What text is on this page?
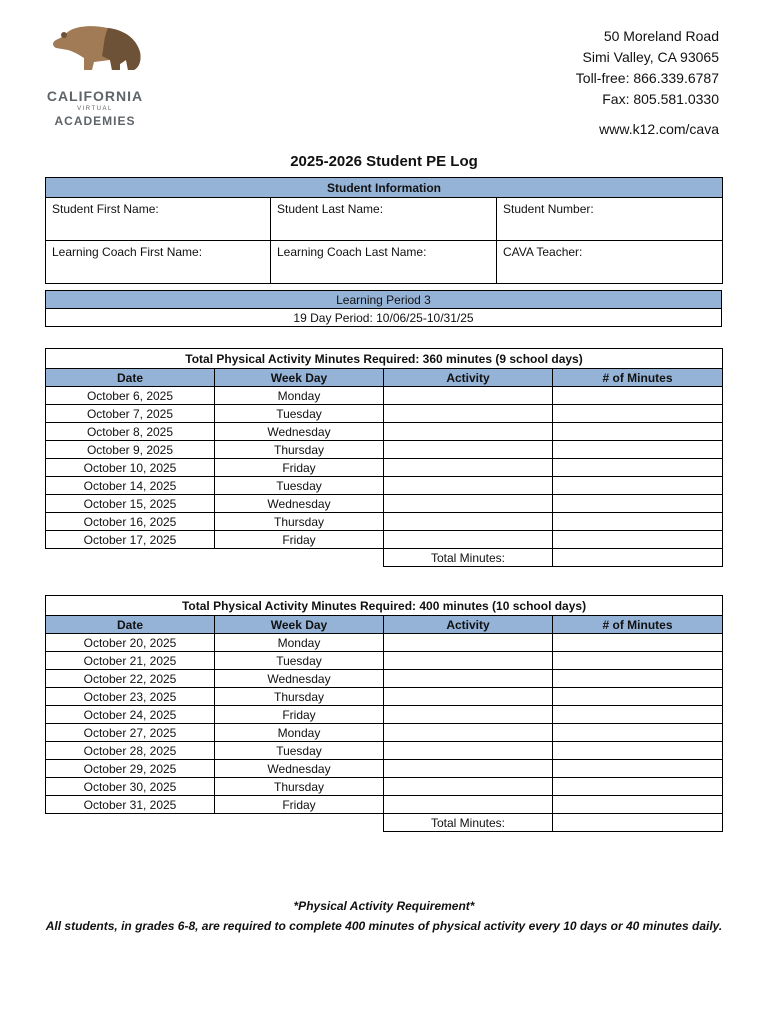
CALIFORNIA
VIRTUAL
ACADEMIES
50 Moreland Road
Simi Valley, CA 93065
Toll-free: 866.339.6787
Fax: 805.581.0330
www.k12.com/cava
2025-2026 Student PE Log
Student Information		
Student First Name:	Student Last Name:	Student Number:
Learning Coach First Name:	Learning Coach Last Name:	CAVA Teacher:
Learning Period 3
19 Day Period: 10/06/25-10/31/25
Total Physical Activity Minutes Required: 360 minutes (9 school days)			
Date	Week Day	Activity	# of Minutes
October 6, 2025	Monday		
October 7, 2025	Tuesday		
October 8, 2025	Wednesday		
October 9, 2025	Thursday		
October 10, 2025	Friday		
October 14, 2025	Tuesday		
October 15, 2025	Wednesday		
October 16, 2025	Thursday		
October 17, 2025	Friday		
		Total Minutes:	
Total Physical Activity Minutes Required: 400 minutes (10 school days)			
Date	Week Day	Activity	# of Minutes
October 20, 2025	Monday		
October 21, 2025	Tuesday		
October 22, 2025	Wednesday		
October 23, 2025	Thursday		
October 24, 2025	Friday		
October 27, 2025	Monday		
October 28, 2025	Tuesday		
October 29, 2025	Wednesday		
October 30, 2025	Thursday		
October 31, 2025	Friday		
		Total Minutes:	
*Physical Activity Requirement*
All students, in grades 6-8, are required to complete 400 minutes of physical activity every 10 days or 40 minutes daily.
